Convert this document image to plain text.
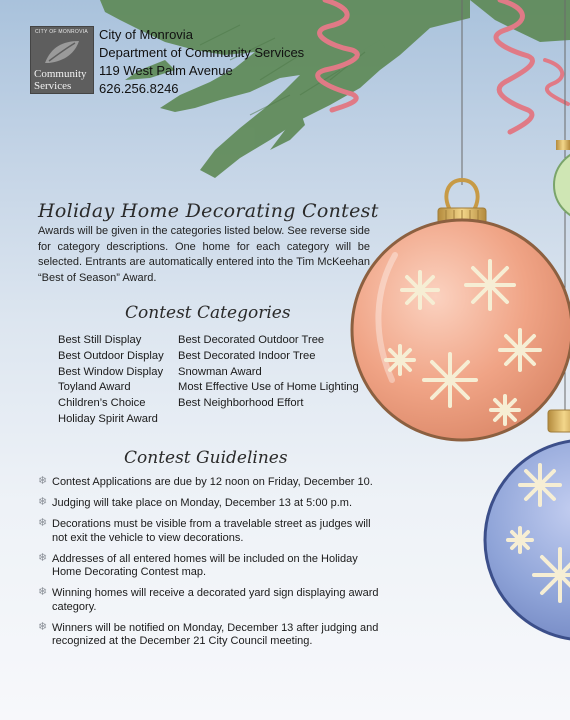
CITY OF MONROVIA
Community
Services
City of Monrovia
Department of Community Services
119 West Palm Avenue
626.256.8246
Holiday Home Decorating Contest
Awards will be given in the categories listed below. See reverse side for category descriptions. One home for each category will be selected. Entrants are automatically entered into the Tim McKeehan “Best of Season” Award.
Contest Categories
Best Still Display
Best Outdoor Display
Best Window Display
Toyland Award
Children’s Choice
Holiday Spirit Award
Best Decorated Outdoor Tree
Best Decorated Indoor Tree
Snowman Award
Most Effective Use of Home Lighting
Best Neighborhood Effort
Contest Guidelines
❄ Contest Applications are due by 12 noon on Friday, December 10.
❄ Judging will take place on Monday, December 13 at 5:00 p.m.
❄ Decorations must be visible from a travelable street as judges will not exit the vehicle to view decorations.
❄ Addresses of all entered homes will be included on the Holiday Home Decorating Contest map.
❄ Winning homes will receive a decorated yard sign displaying award category.
❄ Winners will be notified on Monday, December 13 after judging and recognized at the December 21 City Council meeting.
